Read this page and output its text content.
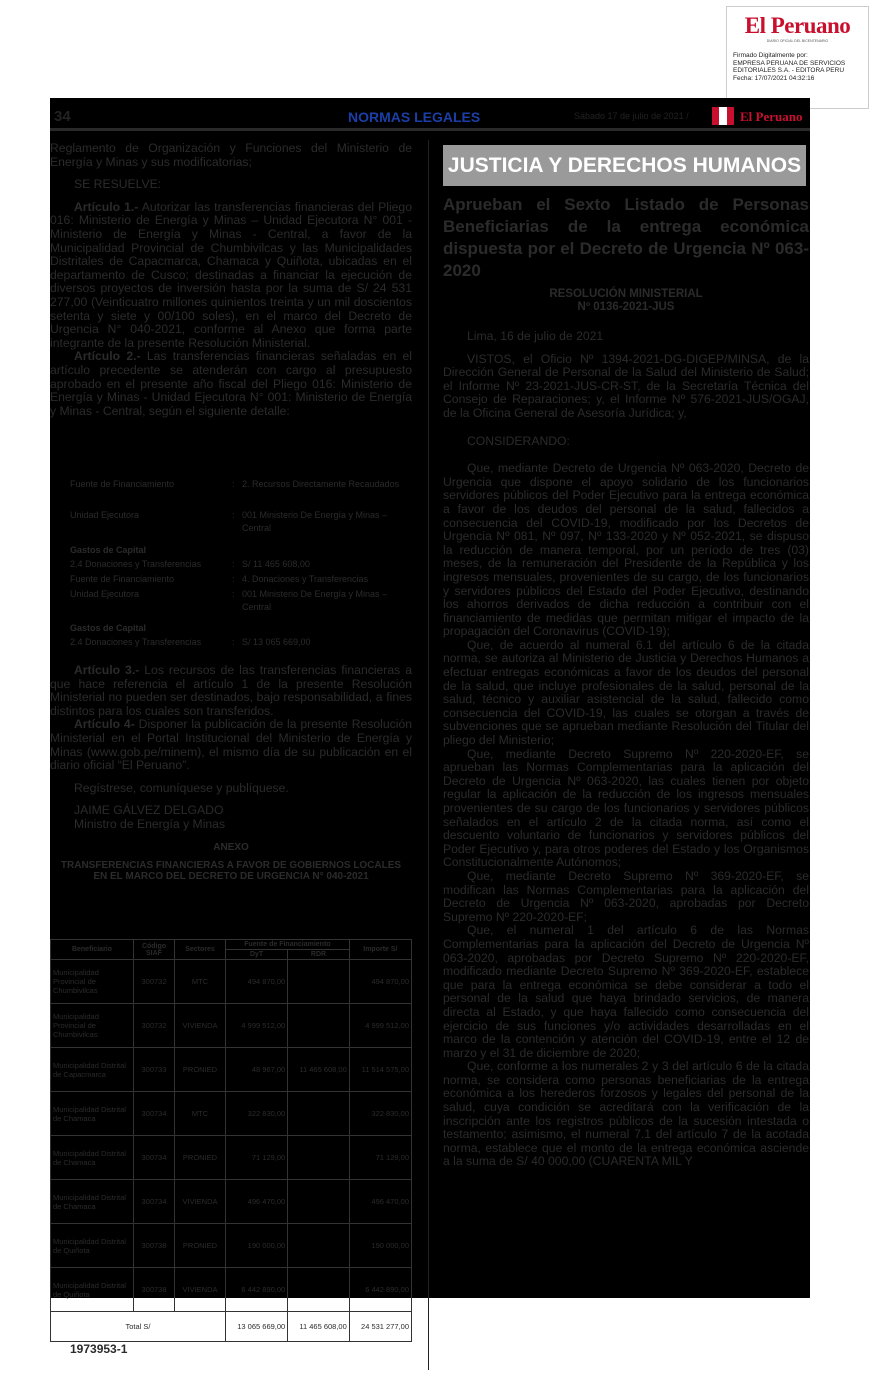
El Peruano
DIARIO OFICIAL DEL BICENTENARIO
Firmado Digitalmente por:
EMPRESA PERUANA DE SERVICIOS
EDITORIALES S.A. - EDITORA PERU
Fecha: 17/07/2021 04:32:16
34	NORMAS LEGALES	Sábado 17 de julio de 2021 /	El Peruano

Reglamento de Organización y Funciones del Ministerio de Energía y Minas y sus modificatorias;

SE RESUELVE:

Artículo 1.- Autorizar las transferencias financieras del Pliego 016: Ministerio de Energía y Minas – Unidad Ejecutora N° 001 - Ministerio de Energía y Minas - Central, a favor de la Municipalidad Provincial de Chumbivilcas y las Municipalidades Distritales de Capacmarca, Chamaca y Quiñota, ubicadas en el departamento de Cusco; destinadas a financiar la ejecución de diversos proyectos de inversión hasta por la suma de S/ 24 531 277,00 (Veinticuatro millones quinientos treinta y un mil doscientos setenta y siete y 00/100 soles), en el marco del Decreto de Urgencia N° 040-2021, conforme al Anexo que forma parte integrante de la presente Resolución Ministerial.

Artículo 2.- Las transferencias financieras señaladas en el artículo precedente se atenderán con cargo al presupuesto aprobado en el presente año fiscal del Pliego 016: Ministerio de Energía y Minas - Unidad Ejecutora N° 001: Ministerio de Energía y Minas - Central, según el siguiente detalle:

Fuente de Financiamiento	: 2. Recursos Directamente Recaudados
Unidad Ejecutora	: 001 Ministerio De Energía y Minas – Central
Gastos de Capital
2.4 Donaciones y Transferencias	: S/ 11 465 608,00
Fuente de Financiamiento	: 4. Donaciones y Transferencias
Unidad Ejecutora	: 001 Ministerio De Energía y Minas – Central
Gastos de Capital
2.4 Donaciones y Transferencias	: S/ 13 065 669,00

Artículo 3.- Los recursos de las transferencias financieras a que hace referencia el artículo 1 de la presente Resolución Ministerial no pueden ser destinados, bajo responsabilidad, a fines distintos para los cuales son transferidos.

Artículo 4- Disponer la publicación de la presente Resolución Ministerial en el Portal Institucional del Ministerio de Energía y Minas (www.gob.pe/minem), el mismo día de su publicación en el diario oficial “El Peruano”.

Regístrese, comuníquese y publíquese.

JAIME GÁLVEZ DELGADO

Ministro de Energía y Minas

ANEXO

TRANSFERENCIAS FINANCIERAS A FAVOR DE GOBIERNOS LOCALES EN EL MARCO DEL DECRETO DE URGENCIA N° 040-2021

Beneficiario	Código SIAF	Sectores	Fuente de Financiamiento		Importe S/
			DyT	RDR	
Municipalidad Provincial de Chumbivilcas	300732	MTC	494 870,00		494 870,00
Municipalidad Provincial de Chumbivilcas	300732	VIVIENDA	4 999 512,00		4 999 512,00
Municipalidad Distrital de Capacmarca	300733	PRONIED	48 967,00	11 465 608,00	11 514 575,00
Municipalidad Distrital de Chamaca	300734	MTC	322 830,00		322 830,00
Municipalidad Distrital de Chamaca	300734	PRONIED	71 129,00		71 129,00
Municipalidad Distrital de Chamaca	300734	VIVIENDA	496 470,00		496 470,00
Municipalidad Distrital de Quiñota	300738	PRONIED	190 000,00		190 000,00
Municipalidad Distrital de Quiñota	300738	VIVIENDA	6 442 890,00		6 442 890,00
Total S/			13 065 669,00	11 465 608,00	24 531 277,00
1973953-1
JUSTICIA Y DERECHOS HUMANOS
Aprueban el Sexto Listado de Personas Beneficiarias de la entrega económica dispuesta por el Decreto de Urgencia Nº 063-2020
RESOLUCIÓN MINISTERIAL
Nº 0136-2021-JUS

Lima, 16 de julio de 2021

VISTOS, el Oficio Nº 1394-2021-DG-DIGEP/MINSA, de la Dirección General de Personal de la Salud del Ministerio de Salud; el Informe Nº 23-2021-JUS-CR-ST, de la Secretaría Técnica del Consejo de Reparaciones; y, el Informe Nº 576-2021-JUS/OGAJ, de la Oficina General de Asesoría Jurídica; y,

CONSIDERANDO:

Que, mediante Decreto de Urgencia Nº 063-2020, Decreto de Urgencia que dispone el apoyo solidario de los funcionarios servidores públicos del Poder Ejecutivo para la entrega económica a favor de los deudos del personal de la salud, fallecidos a consecuencia del COVID-19, modificado por los Decretos de Urgencia Nº 081, Nº 097, Nº 133-2020 y Nº 052-2021, se dispuso la reducción de manera temporal, por un período de tres (03) meses, de la remuneración del Presidente de la República y los ingresos mensuales, provenientes de su cargo, de los funcionarios y servidores públicos del Estado del Poder Ejecutivo, destinando los ahorros derivados de dicha reducción a contribuir con el financiamiento de medidas que permitan mitigar el impacto de la propagación del Coronavirus (COVID-19);

Que, de acuerdo al numeral 6.1 del artículo 6 de la citada norma, se autoriza al Ministerio de Justicia y Derechos Humanos a efectuar entregas económicas a favor de los deudos del personal de la salud, que incluye profesionales de la salud, personal de la salud, técnico y auxiliar asistencial de la salud, fallecido como consecuencia del COVID-19, las cuales se otorgan a través de subvenciones que se aprueban mediante Resolución del Titular del pliego del Ministerio;

Que, mediante Decreto Supremo Nº 220-2020-EF, se aprueban las Normas Complementarias para la aplicación del Decreto de Urgencia Nº 063-2020, las cuales tienen por objeto regular la aplicación de la reducción de los ingresos mensuales provenientes de su cargo de los funcionarios y servidores públicos señalados en el artículo 2 de la citada norma, así como el descuento voluntario de funcionarios y servidores públicos del Poder Ejecutivo y, para otros poderes del Estado y los Organismos Constitucionalmente Autónomos;

Que, mediante Decreto Supremo Nº 369-2020-EF, se modifican las Normas Complementarias para la aplicación del Decreto de Urgencia Nº 063-2020, aprobadas por Decreto Supremo Nº 220-2020-EF;

Que, el numeral 1 del artículo 6 de las Normas Complementarias para la aplicación del Decreto de Urgencia Nº 063-2020, aprobadas por Decreto Supremo Nº 220-2020-EF, modificado mediante Decreto Supremo Nº 369-2020-EF, establece que para la entrega económica se debe considerar a todo el personal de la salud que haya brindado servicios, de manera directa al Estado, y que haya fallecido como consecuencia del ejercicio de sus funciones y/o actividades desarrolladas en el marco de la contención y atención del COVID-19, entre el 12 de marzo y el 31 de diciembre de 2020;

Que, conforme a los numerales 2 y 3 del artículo 6 de la citada norma, se considera como personas beneficiarias de la entrega económica a los herederos forzosos y legales del personal de la salud, cuya condición se acreditará con la verificación de la inscripción ante los registros públicos de la sucesión intestada o testamento; asimismo, el numeral 7.1 del artículo 7 de la acotada norma, establece que el monto de la entrega económica asciende a la suma de S/ 40 000,00 (CUARENTA MIL Y
